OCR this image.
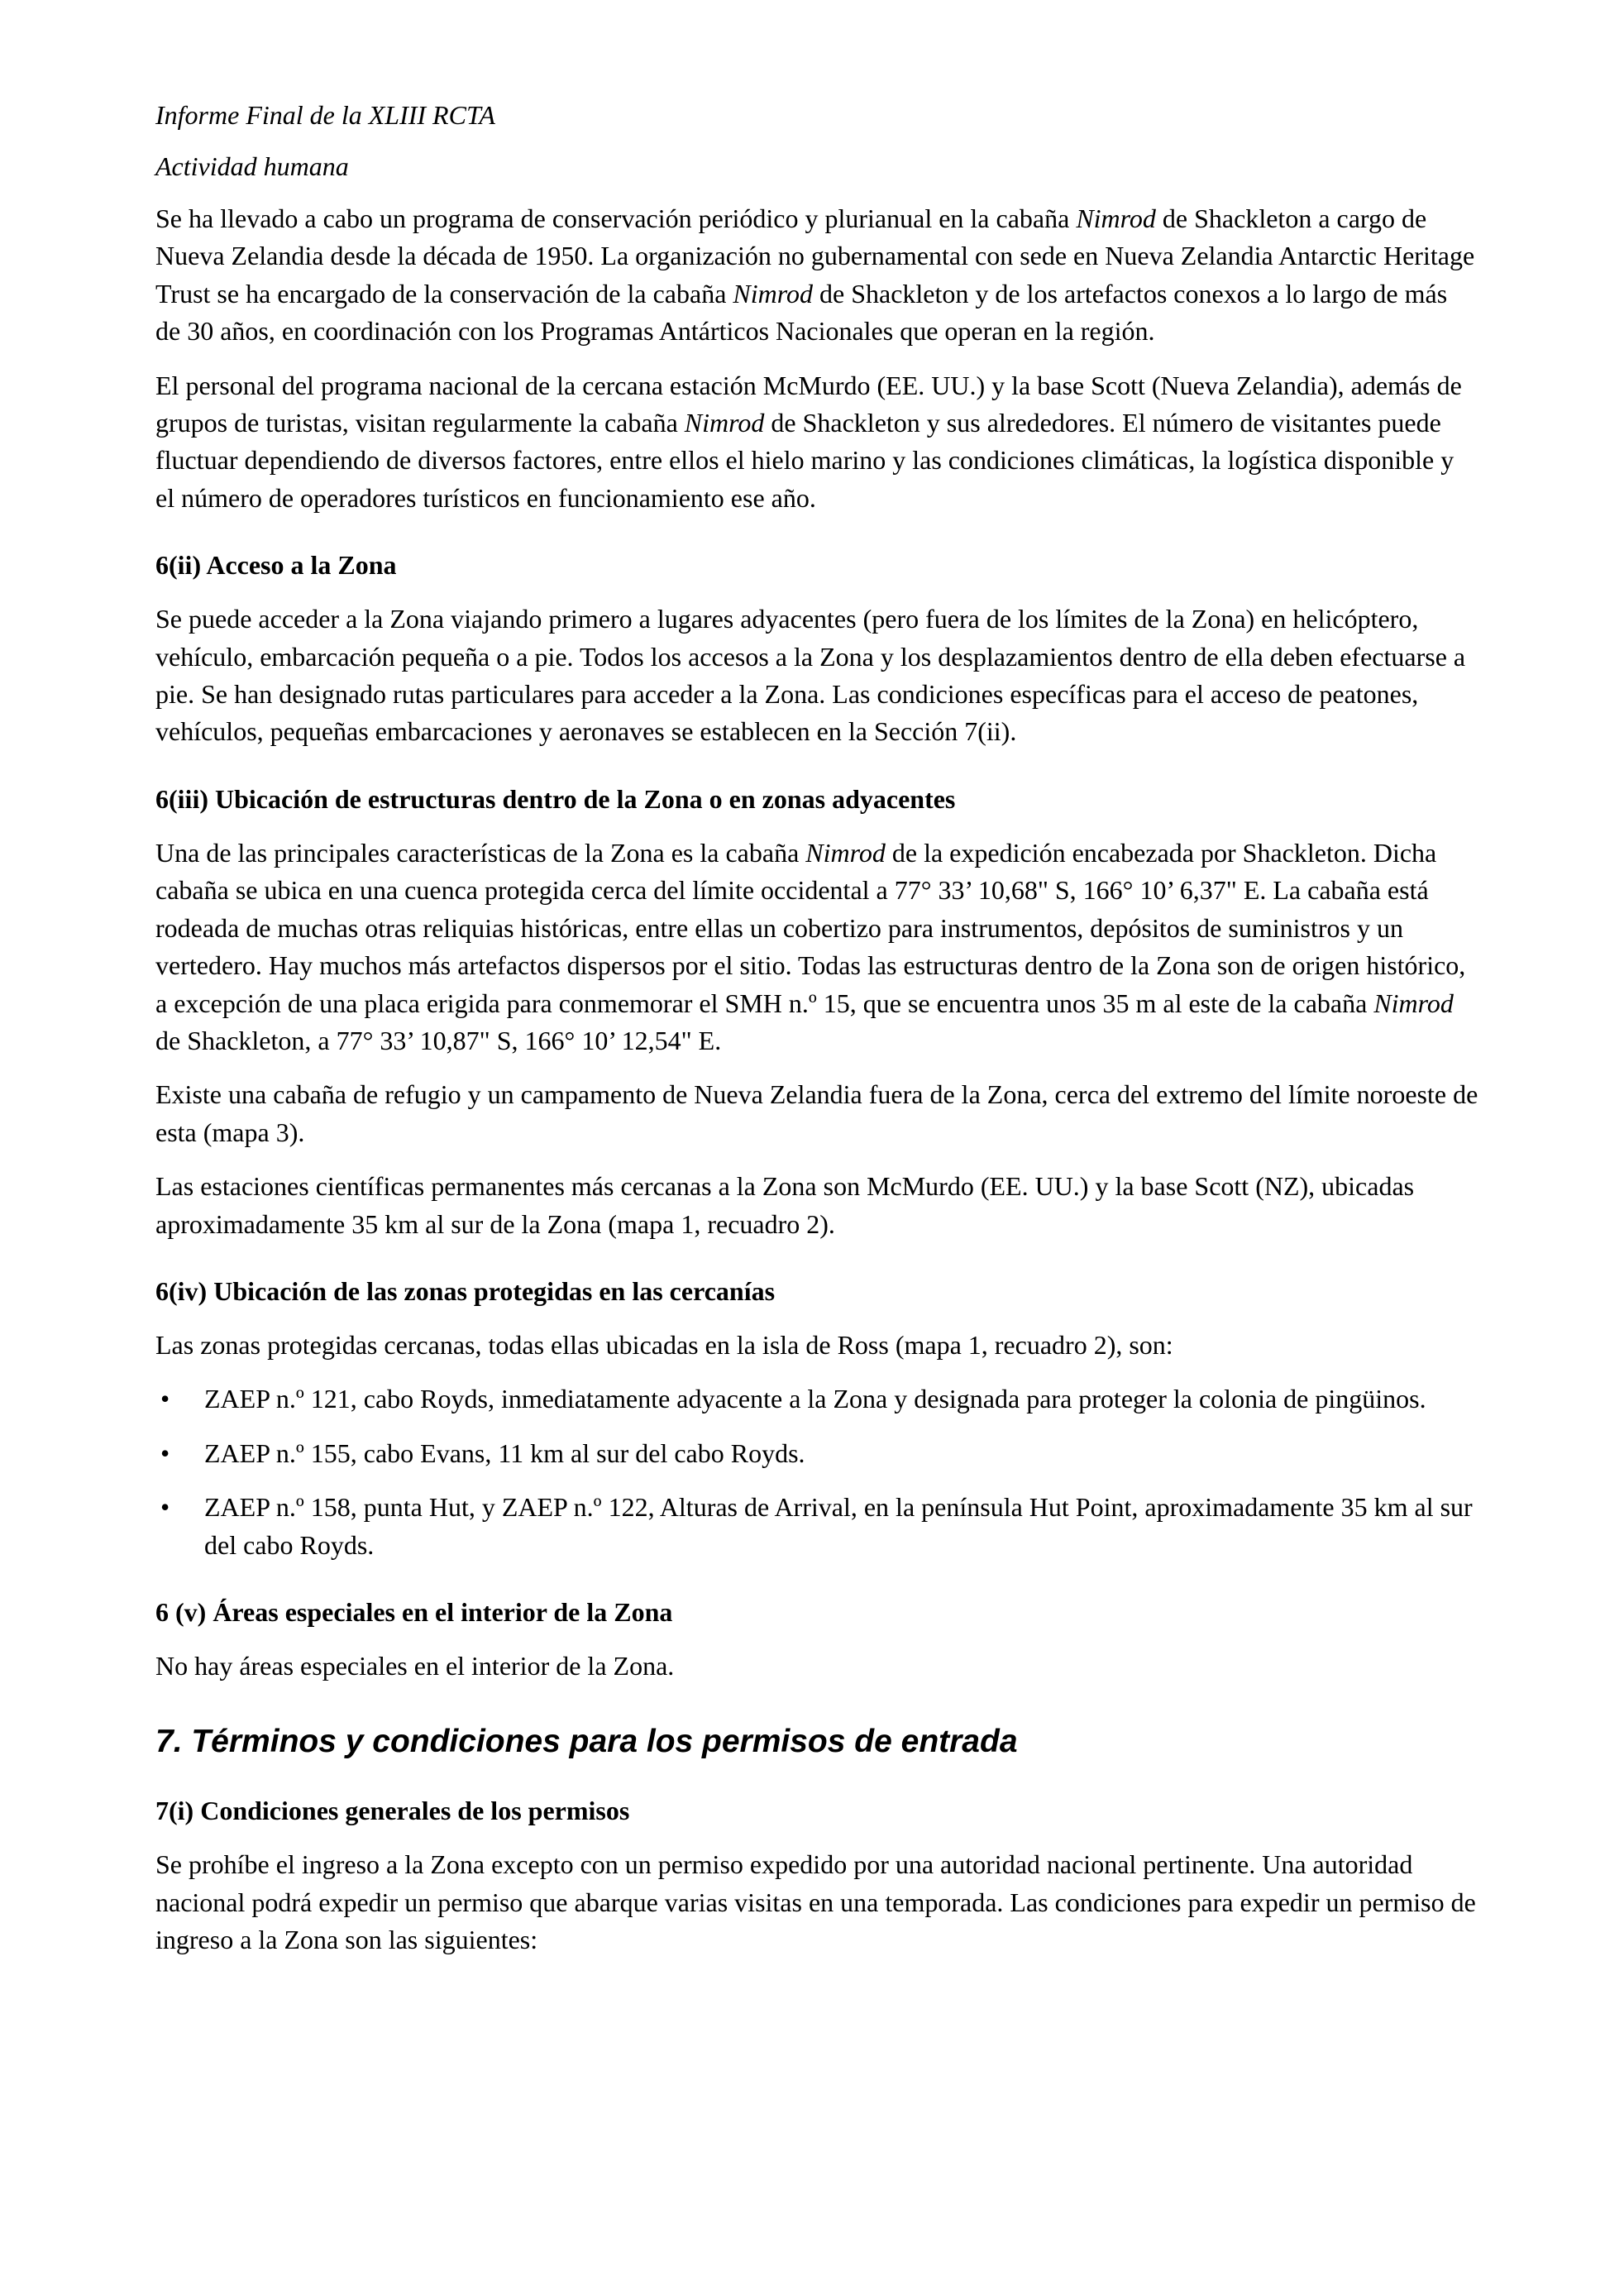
Informe Final de la XLIII RCTA
Actividad humana

Se ha llevado a cabo un programa de conservación periódico y plurianual en la cabaña Nimrod de Shackleton a cargo de Nueva Zelandia desde la década de 1950. La organización no gubernamental con sede en Nueva Zelandia Antarctic Heritage Trust se ha encargado de la conservación de la cabaña Nimrod de Shackleton y de los artefactos conexos a lo largo de más de 30 años, en coordinación con los Programas Antárticos Nacionales que operan en la región.

El personal del programa nacional de la cercana estación McMurdo (EE. UU.) y la base Scott (Nueva Zelandia), además de grupos de turistas, visitan regularmente la cabaña Nimrod de Shackleton y sus alrededores. El número de visitantes puede fluctuar dependiendo de diversos factores, entre ellos el hielo marino y las condiciones climáticas, la logística disponible y el número de operadores turísticos en funcionamiento ese año.

6(ii) Acceso a la Zona

Se puede acceder a la Zona viajando primero a lugares adyacentes (pero fuera de los límites de la Zona) en helicóptero, vehículo, embarcación pequeña o a pie. Todos los accesos a la Zona y los desplazamientos dentro de ella deben efectuarse a pie. Se han designado rutas particulares para acceder a la Zona. Las condiciones específicas para el acceso de peatones, vehículos, pequeñas embarcaciones y aeronaves se establecen en la Sección 7(ii).

6(iii) Ubicación de estructuras dentro de la Zona o en zonas adyacentes

Una de las principales características de la Zona es la cabaña Nimrod de la expedición encabezada por Shackleton. Dicha cabaña se ubica en una cuenca protegida cerca del límite occidental a 77° 33’ 10,68" S, 166° 10’ 6,37" E. La cabaña está rodeada de muchas otras reliquias históricas, entre ellas un cobertizo para instrumentos, depósitos de suministros y un vertedero. Hay muchos más artefactos dispersos por el sitio. Todas las estructuras dentro de la Zona son de origen histórico, a excepción de una placa erigida para conmemorar el SMH n.º 15, que se encuentra unos 35 m al este de la cabaña Nimrod de Shackleton, a 77° 33’ 10,87" S, 166° 10’ 12,54" E.

Existe una cabaña de refugio y un campamento de Nueva Zelandia fuera de la Zona, cerca del extremo del límite noroeste de esta (mapa 3).

Las estaciones científicas permanentes más cercanas a la Zona son McMurdo (EE. UU.) y la base Scott (NZ), ubicadas aproximadamente 35 km al sur de la Zona (mapa 1, recuadro 2).

6(iv) Ubicación de las zonas protegidas en las cercanías

Las zonas protegidas cercanas, todas ellas ubicadas en la isla de Ross (mapa 1, recuadro 2), son:

• ZAEP n.º 121, cabo Royds, inmediatamente adyacente a la Zona y designada para proteger la colonia de pingüinos.
• ZAEP n.º 155, cabo Evans, 11 km al sur del cabo Royds.
• ZAEP n.º 158, punta Hut, y ZAEP n.º 122, Alturas de Arrival, en la península Hut Point, aproximadamente 35 km al sur del cabo Royds.
6 (v) Áreas especiales en el interior de la Zona

No hay áreas especiales en el interior de la Zona.

7. Términos y condiciones para los permisos de entrada
7(i) Condiciones generales de los permisos

Se prohíbe el ingreso a la Zona excepto con un permiso expedido por una autoridad nacional pertinente. Una autoridad nacional podrá expedir un permiso que abarque varias visitas en una temporada. Las condiciones para expedir un permiso de ingreso a la Zona son las siguientes:
